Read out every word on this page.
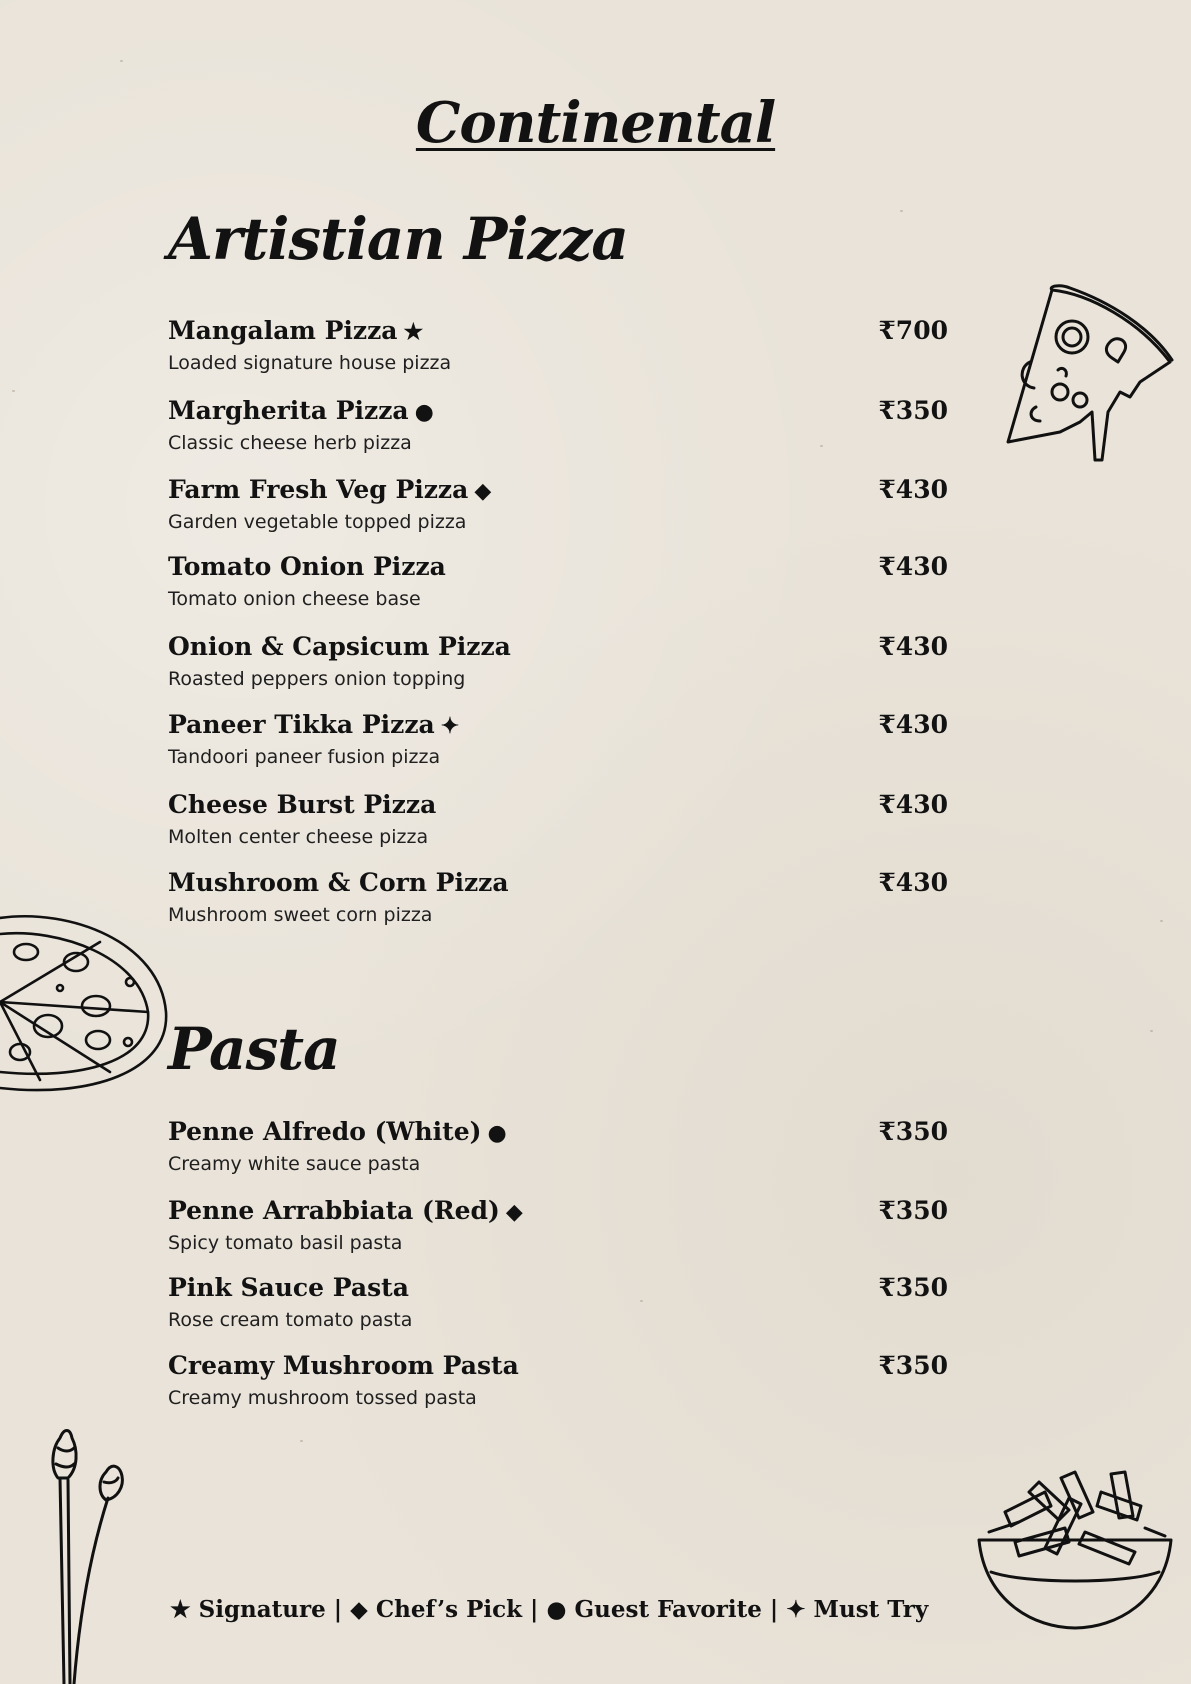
Continental
Artistian Pizza
Mangalam Pizza ★	₹700
Loaded signature house pizza
Margherita Pizza ●	₹350
Classic cheese herb pizza
Farm Fresh Veg Pizza ◆	₹430
Garden vegetable topped pizza
Tomato Onion Pizza	₹430
Tomato onion cheese base
Onion & Capsicum Pizza	₹430
Roasted peppers onion topping
Paneer Tikka Pizza ✦	₹430
Tandoori paneer fusion pizza
Cheese Burst Pizza	₹430
Molten center cheese pizza
Mushroom & Corn Pizza	₹430
Mushroom sweet corn pizza
Pasta
Penne Alfredo (White) ●	₹350
Creamy white sauce pasta
Penne Arrabbiata (Red) ◆	₹350
Spicy tomato basil pasta
Pink Sauce Pasta	₹350
Rose cream tomato pasta
Creamy Mushroom Pasta	₹350
Creamy mushroom tossed pasta
★ Signature | ◆ Chef’s Pick | ● Guest Favorite | ✦ Must Try
